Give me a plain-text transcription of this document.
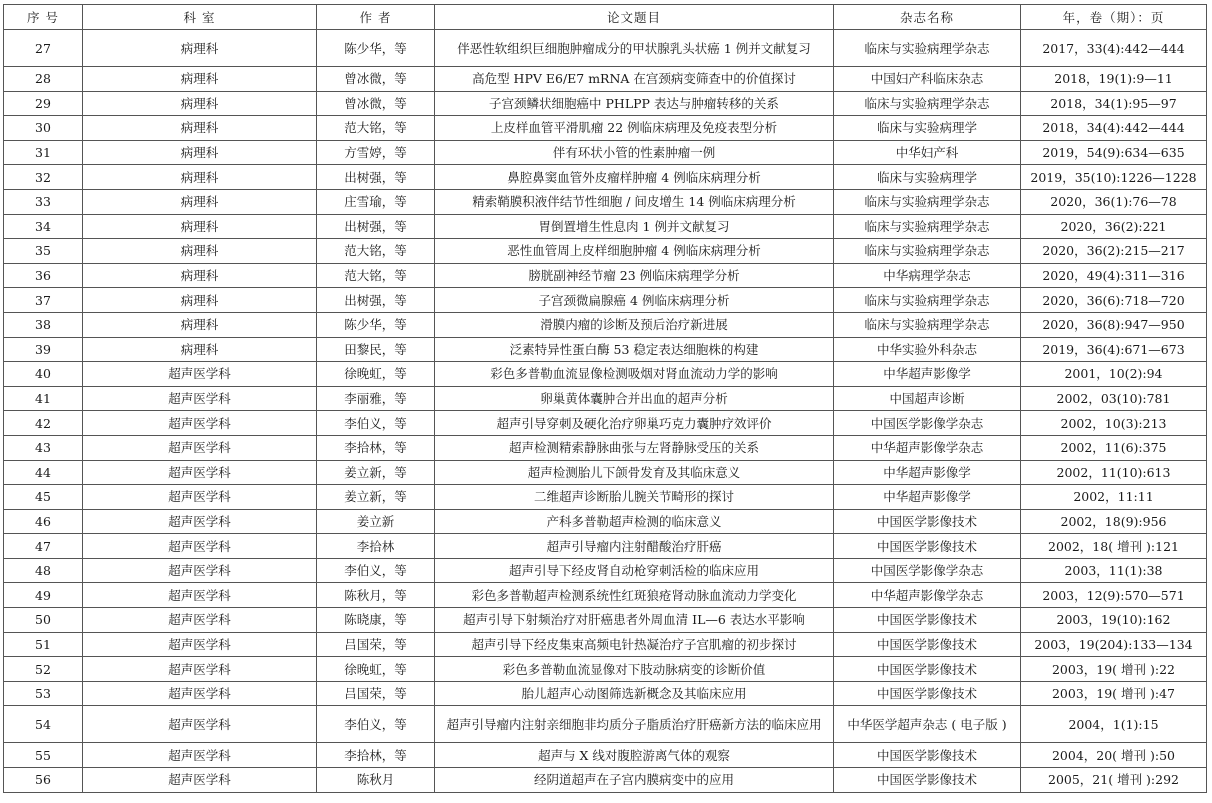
序 号	科 室	作 者	论文题目	杂志名称	年，卷（期）：页
27	病理科	陈少华，等	伴恶性软组织巨细胞肿瘤成分的甲状腺乳头状癌 1 例并文献复习	临床与实验病理学杂志	2017，33(4):442—444
28	病理科	曾冰微，等	高危型 HPV E6/E7 mRNA 在宫颈病变筛查中的价值探讨	中国妇产科临床杂志	2018，19(1):9—11
29	病理科	曾冰微，等	子宫颈鳞状细胞癌中 PHLPP 表达与肿瘤转移的关系	临床与实验病理学杂志	2018，34(1):95—97
30	病理科	范大铭，等	上皮样血管平滑肌瘤 22 例临床病理及免疫表型分析	临床与实验病理学	2018，34(4):442—444
31	病理科	方雪婷，等	伴有环状小管的性素肿瘤一例	中华妇产科	2019，54(9):634—635
32	病理科	出树强，等	鼻腔鼻窦血管外皮瘤样肿瘤 4 例临床病理分析	临床与实验病理学	2019，35(10):1226—1228
33	病理科	庄雪瑜，等	精索鞘膜积液伴结节性细胞 / 间皮增生 14 例临床病理分析	临床与实验病理学杂志	2020，36(1):76—78
34	病理科	出树强，等	胃倒置增生性息肉 1 例并文献复习	临床与实验病理学杂志	2020，36(2):221
35	病理科	范大铭，等	恶性血管周上皮样细胞肿瘤 4 例临床病理分析	临床与实验病理学杂志	2020，36(2):215—217
36	病理科	范大铭，等	膀胱副神经节瘤 23 例临床病理学分析	中华病理学杂志	2020，49(4):311—316
37	病理科	出树强，等	子宫颈微扁腺癌 4 例临床病理分析	临床与实验病理学杂志	2020，36(6):718—720
38	病理科	陈少华，等	滑膜内瘤的诊断及预后治疗新进展	临床与实验病理学杂志	2020，36(8):947—950
39	病理科	田黎民，等	泛素特异性蛋白酶 53 稳定表达细胞株的构建	中华实验外科杂志	2019，36(4):671—673
40	超声医学科	徐晚虹，等	彩色多普勒血流显像检测吸烟对肾血流动力学的影响	中华超声影像学	2001，10(2):94
41	超声医学科	李丽雅，等	卵巢黄体囊肿合并出血的超声分析	中国超声诊断	2002，03(10):781
42	超声医学科	李伯义，等	超声引导穿刺及硬化治疗卵巢巧克力囊肿疗效评价	中国医学影像学杂志	2002，10(3):213
43	超声医学科	李拾林，等	超声检测精索静脉曲张与左肾静脉受压的关系	中华超声影像学杂志	2002，11(6):375
44	超声医学科	姜立新，等	超声检测胎儿下颌骨发育及其临床意义	中华超声影像学	2002，11(10):613
45	超声医学科	姜立新，等	二维超声诊断胎儿腕关节畸形的探讨	中华超声影像学	2002，11:11
46	超声医学科	姜立新	产科多普勒超声检测的临床意义	中国医学影像技术	2002，18(9):956
47	超声医学科	李拾林	超声引导瘤内注射醋酸治疗肝癌	中国医学影像技术	2002，18( 增刊 ):121
48	超声医学科	李伯义，等	超声引导下经皮肾自动枪穿刺活检的临床应用	中国医学影像学杂志	2003，11(1):38
49	超声医学科	陈秋月，等	彩色多普勒超声检测系统性红斑狼疮肾动脉血流动力学变化	中华超声影像学杂志	2003，12(9):570—571
50	超声医学科	陈晓康，等	超声引导下射频治疗对肝癌患者外周血清 IL—6 表达水平影响	中国医学影像技术	2003，19(10):162
51	超声医学科	吕国荣，等	超声引导下经皮集束高频电针热凝治疗子宫肌瘤的初步探讨	中国医学影像技术	2003，19(204):133—134
52	超声医学科	徐晚虹，等	彩色多普勒血流显像对下肢动脉病变的诊断价值	中国医学影像技术	2003，19( 增刊 ):22
53	超声医学科	吕国荣，等	胎儿超声心动图筛选新概念及其临床应用	中国医学影像技术	2003，19( 增刊 ):47
54	超声医学科	李伯义，等	超声引导瘤内注射亲细胞非均质分子脂质治疗肝癌新方法的临床应用	中华医学超声杂志 ( 电子版 )	2004，1(1):15
55	超声医学科	李拾林，等	超声与 X 线对腹腔游离气体的观察	中国医学影像技术	2004，20( 增刊 ):50
56	超声医学科	陈秋月	经阴道超声在子宫内膜病变中的应用	中国医学影像技术	2005，21( 增刊 ):292
